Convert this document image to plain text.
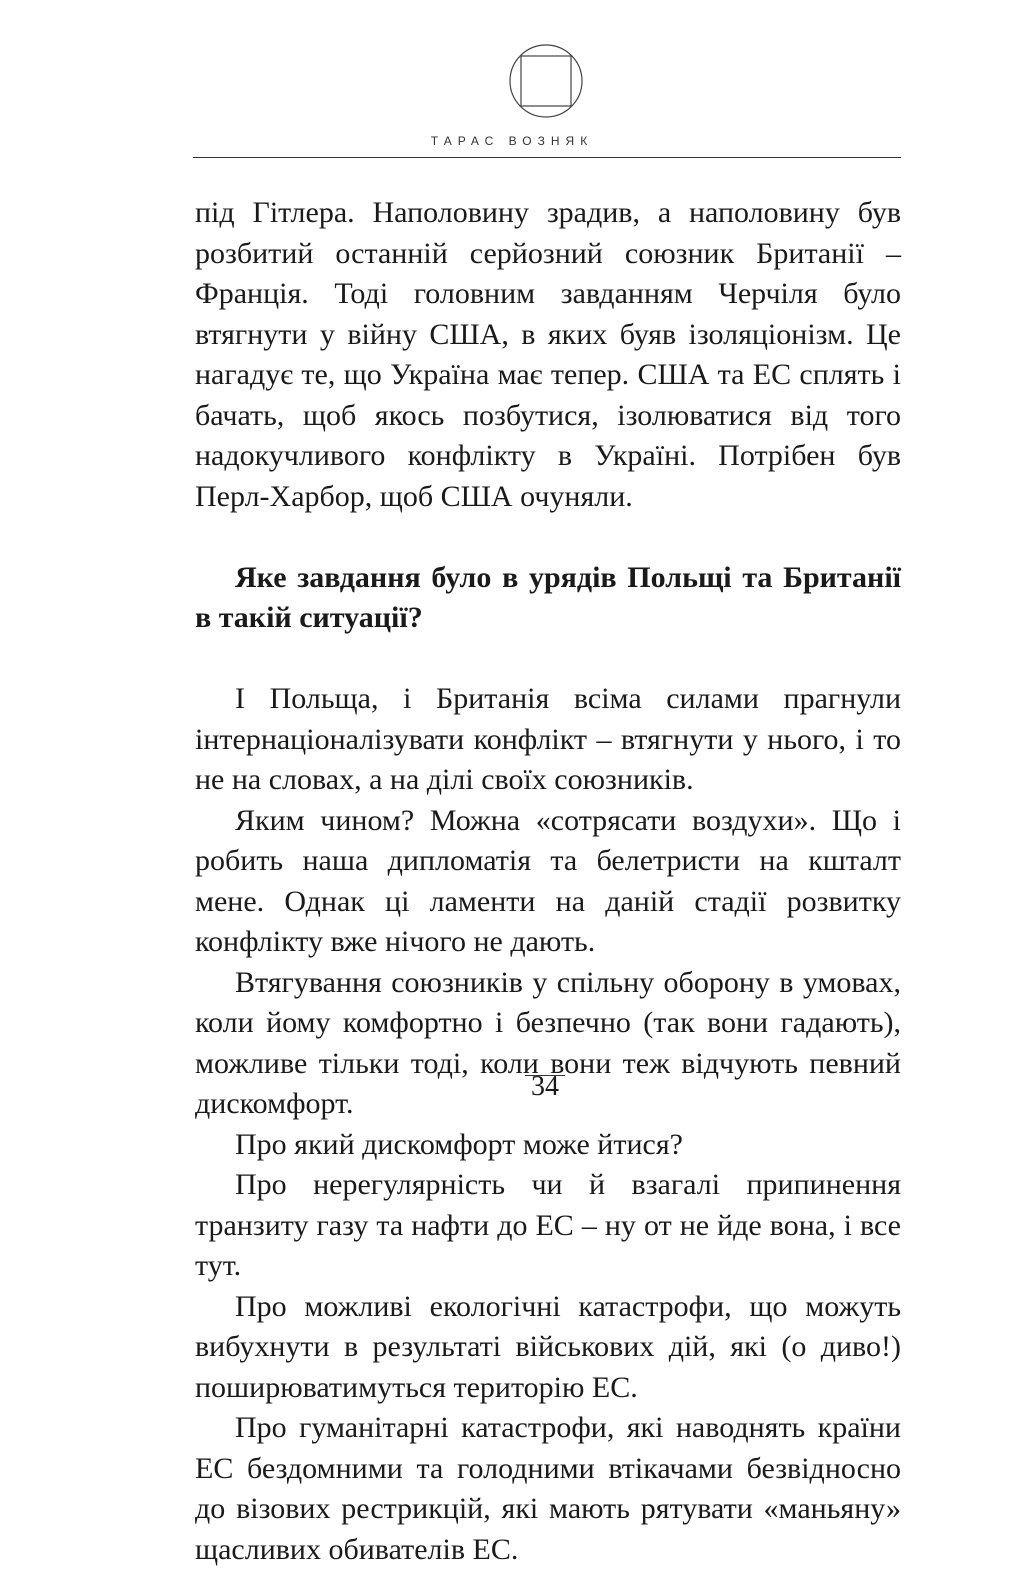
ТАРАС ВОЗНЯК

під Гітлера. Наполовину зрадив, а наполовину був розбитий останній серйозний союзник Британії – Франція. Тоді головним завданням Черчіля було втягнути у війну США, в яких буяв ізоляціонізм. Це нагадує те, що Україна має тепер. США та ЕС сплять і бачать, щоб якось позбутися, ізолюватися від того надокучливого конфлікту в Україні. Потрібен був Перл-Харбор, щоб США очуняли.

Яке завдання було в урядів Польщі та Британії в такій ситуації?

І Польща, і Британія всіма силами прагнули інтернаціоналізувати конфлікт – втягнути у нього, і то не на словах, а на ділі своїх союзників.

Яким чином? Можна «сотрясати воздухи». Що і робить наша дипломатія та белетристи на кшталт мене. Однак ці ламенти на даній стадії розвитку конфлікту вже нічого не дають.

Втягування союзників у спільну оборону в умовах, коли йому комфортно і безпечно (так вони гадають), можливе тільки тоді, коли вони теж відчують певний дискомфорт.

Про який дискомфорт може йтися?

Про нерегулярність чи й взагалі припинення транзиту газу та нафти до ЕС – ну от не йде вона, і все тут.

Про можливі екологічні катастрофи, що можуть вибухнути в результаті військових дій, які (о диво!) поширюватимуться територію ЕС.

Про гуманітарні катастрофи, які наводнять країни ЕС бездомними та голодними втікачами безвідносно до візових рестрикцій, які мають рятувати «маньяну» щасливих обивателів ЕС.

34
